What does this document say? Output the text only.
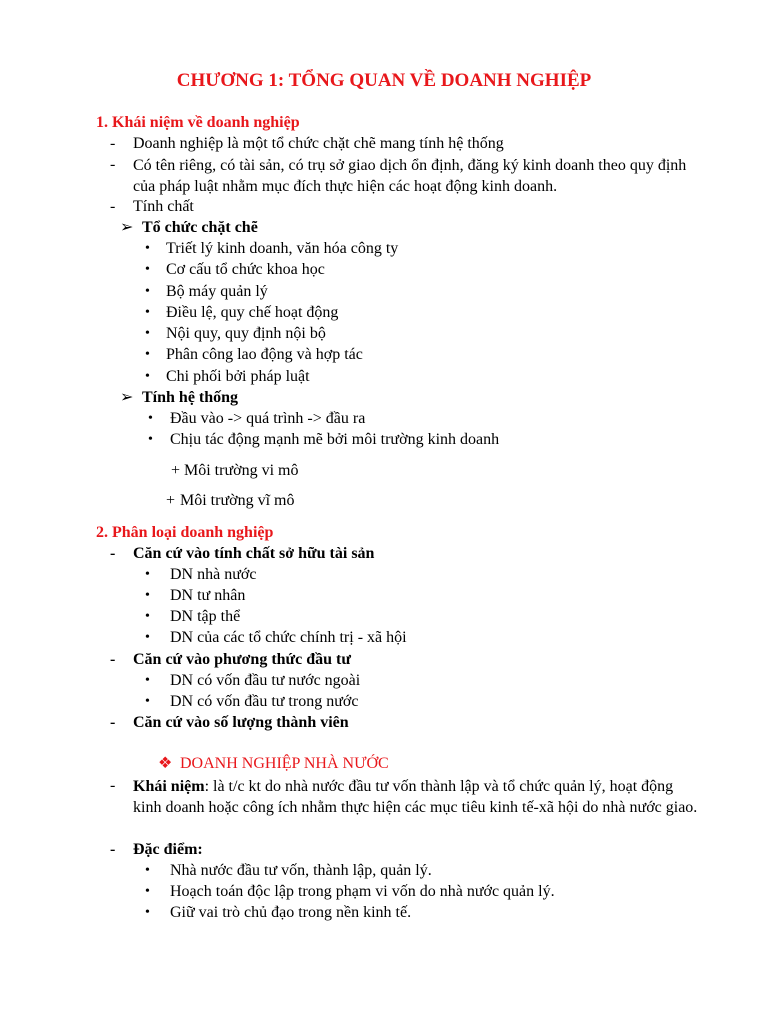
CHƯƠNG 1: TỔNG QUAN VỀ DOANH NGHIỆP
1. Khái niệm về doanh nghiệp
- Doanh nghiệp là một tổ chức chặt chẽ mang tính hệ thống
- Có tên riêng, có tài sản, có trụ sở giao dịch ổn định, đăng ký kinh doanh theo quy định của pháp luật nhằm mục đích thực hiện các hoạt động kinh doanh.
- Tính chất
➢ Tổ chức chặt chẽ
• Triết lý kinh doanh, văn hóa công ty
• Cơ cấu tổ chức khoa học
• Bộ máy quản lý
• Điều lệ, quy chế hoạt động
• Nội quy, quy định nội bộ
• Phân công lao động và hợp tác
• Chi phối bởi pháp luật
➢ Tính hệ thống
• Đầu vào -> quá trình -> đầu ra
• Chịu tác động mạnh mẽ bởi môi trường kinh doanh
+ Môi trường vi mô
+ Môi trường vĩ mô
2. Phân loại doanh nghiệp
- Căn cứ vào tính chất sở hữu tài sản
• DN nhà nước
• DN tư nhân
• DN tập thể
• DN của các tổ chức chính trị - xã hội
- Căn cứ vào phương thức đầu tư
• DN có vốn đầu tư nước ngoài
• DN có vốn đầu tư trong nước
- Căn cứ vào số lượng thành viên
❖ DOANH NGHIỆP NHÀ NƯỚC
- Khái niệm: là t/c kt do nhà nước đầu tư vốn thành lập và tổ chức quản lý, hoạt động kinh doanh hoặc công ích nhằm thực hiện các mục tiêu kinh tế-xã hội do nhà nước giao.
- Đặc điểm:
• Nhà nước đầu tư vốn, thành lập, quản lý.
• Hoạch toán độc lập trong phạm vi vốn do nhà nước quản lý.
• Giữ vai trò chủ đạo trong nền kinh tế.
